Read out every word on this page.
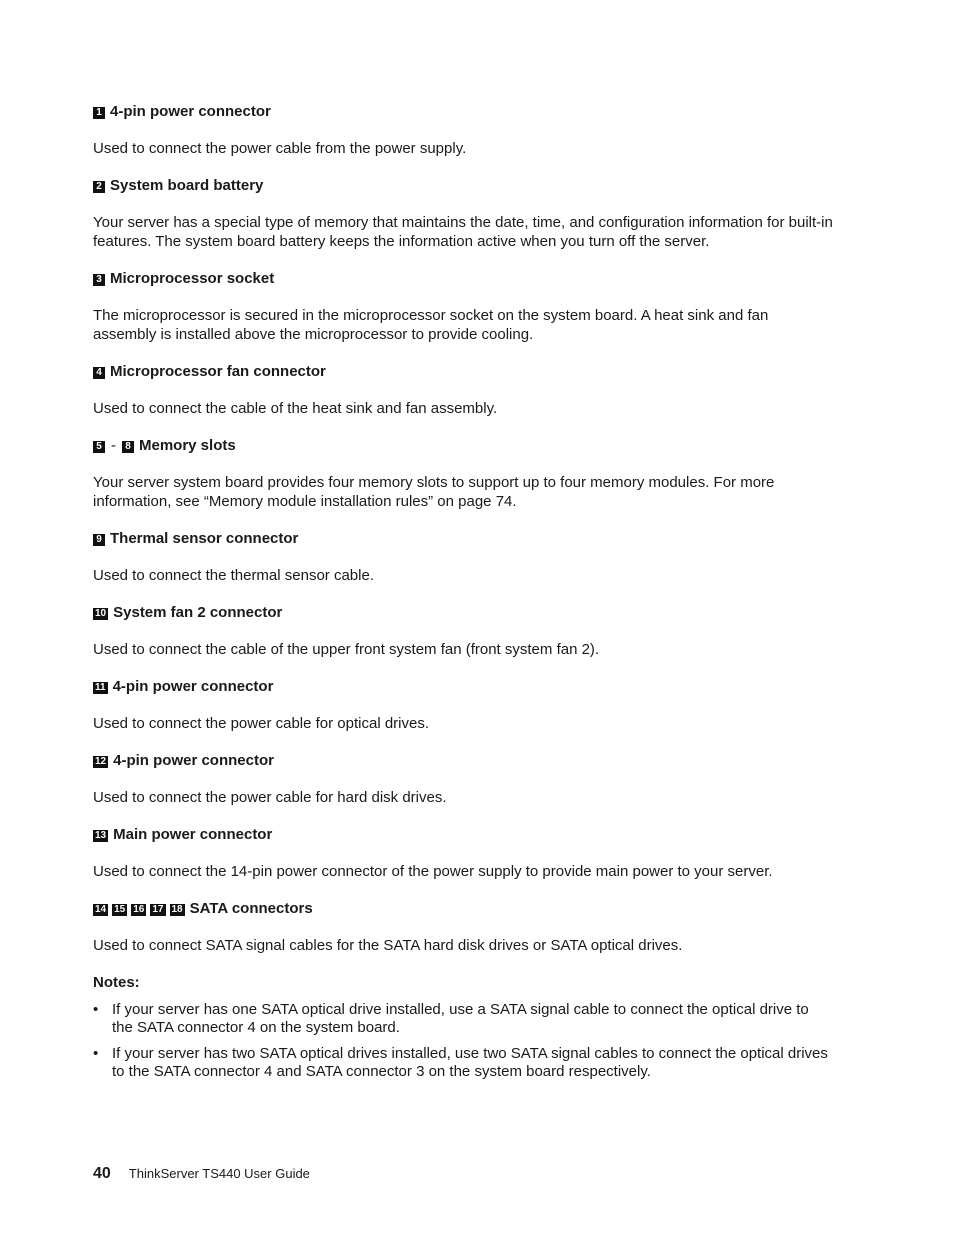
1 4-pin power connector

Used to connect the power cable from the power supply.

2 System board battery

Your server has a special type of memory that maintains the date, time, and configuration information for built-in features. The system board battery keeps the information active when you turn off the server.

3 Microprocessor socket

The microprocessor is secured in the microprocessor socket on the system board. A heat sink and fan assembly is installed above the microprocessor to provide cooling.

4 Microprocessor fan connector

Used to connect the cable of the heat sink and fan assembly.

5 - 8 Memory slots

Your server system board provides four memory slots to support up to four memory modules. For more information, see “Memory module installation rules” on page 74.

9 Thermal sensor connector

Used to connect the thermal sensor cable.

10 System fan 2 connector

Used to connect the cable of the upper front system fan (front system fan 2).

11 4-pin power connector

Used to connect the power cable for optical drives.

12 4-pin power connector

Used to connect the power cable for hard disk drives.

13 Main power connector

Used to connect the 14-pin power connector of the power supply to provide main power to your server.

14 15 16 17 18 SATA connectors

Used to connect SATA signal cables for the SATA hard disk drives or SATA optical drives.

Notes:
• If your server has one SATA optical drive installed, use a SATA signal cable to connect the optical drive to the SATA connector 4 on the system board.
• If your server has two SATA optical drives installed, use two SATA signal cables to connect the optical drives to the SATA connector 4 and SATA connector 3 on the system board respectively.
40 ThinkServer TS440 User Guide
